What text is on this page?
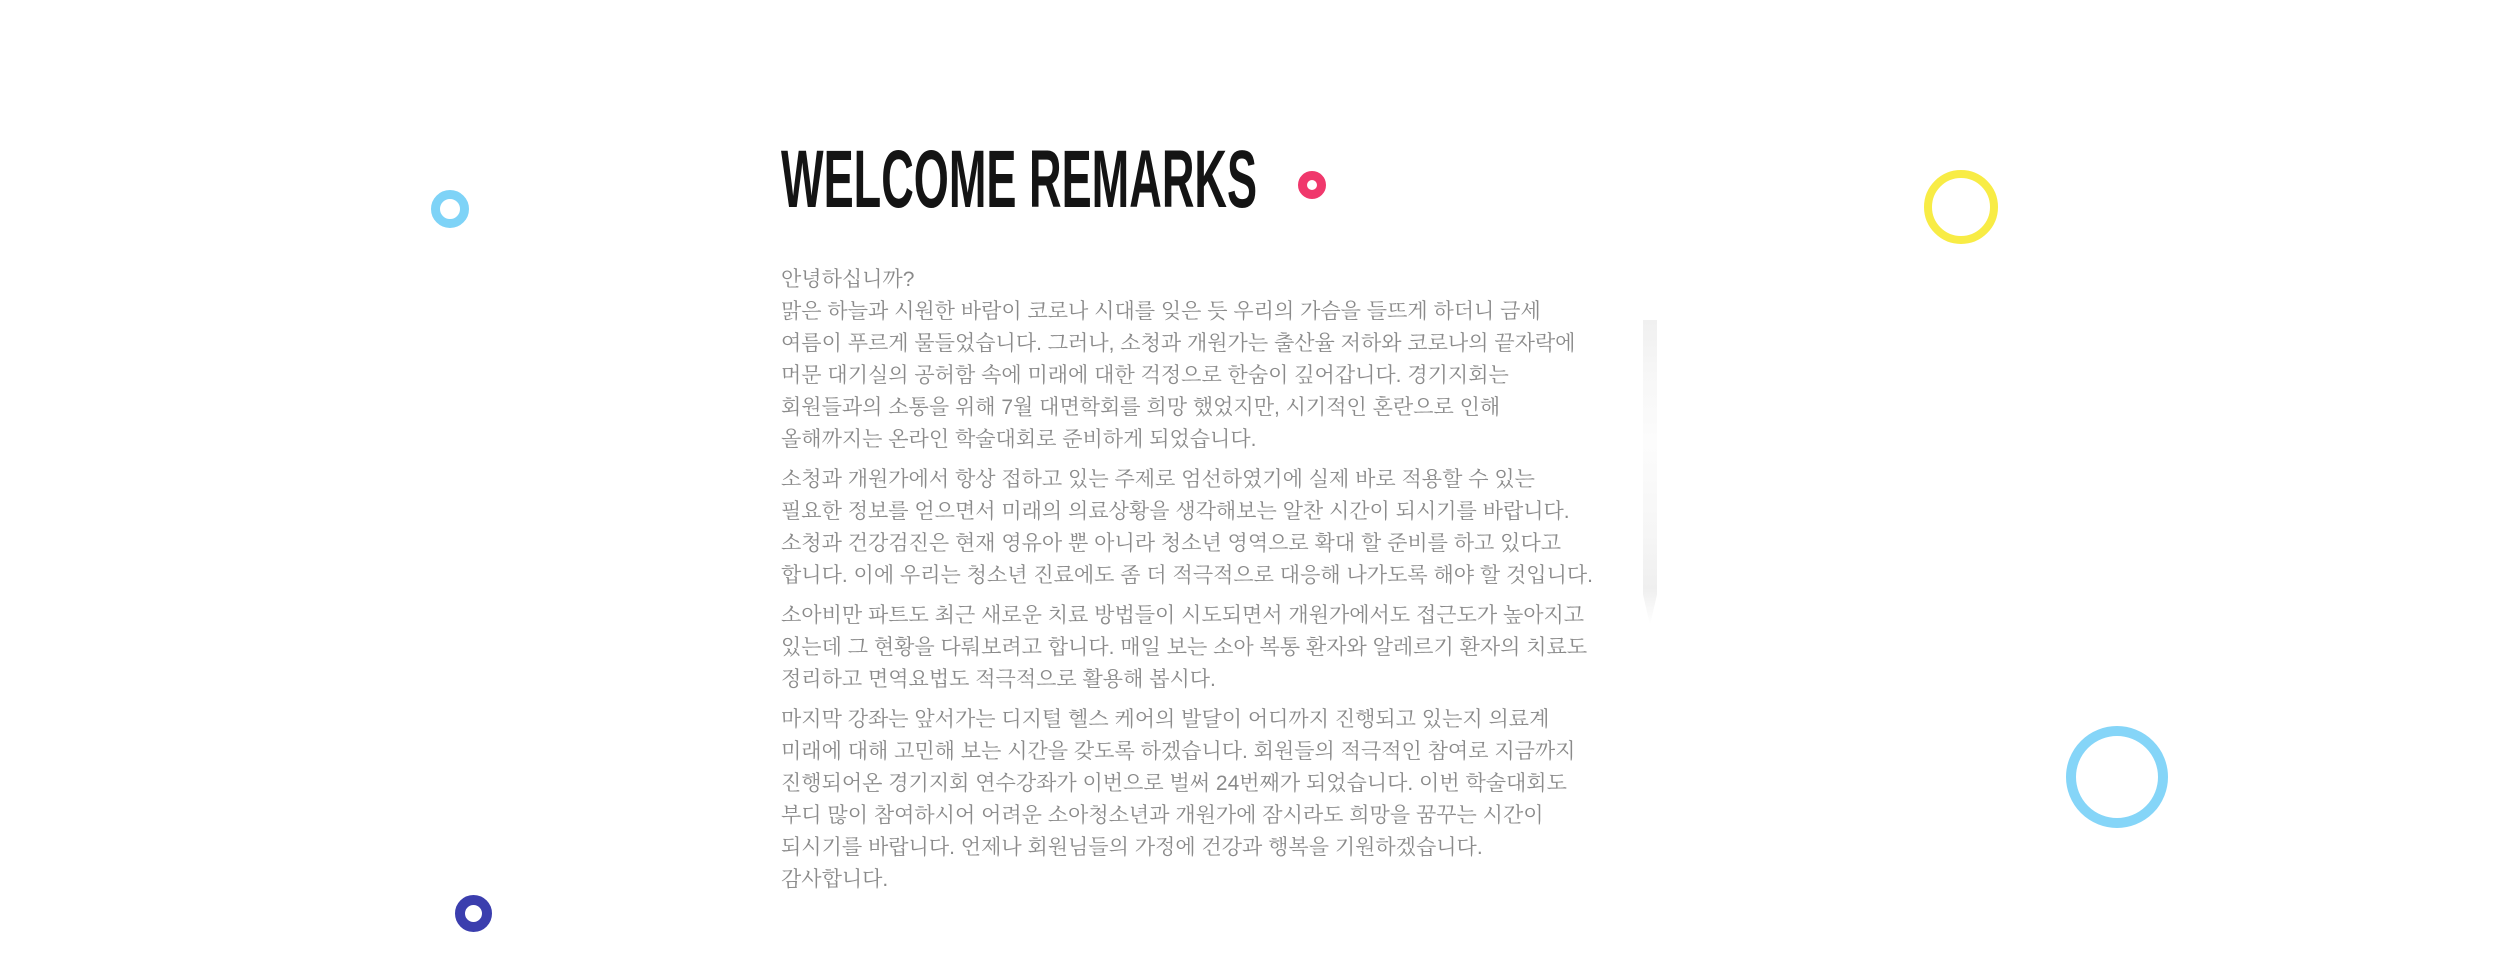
WELCOME REMARKS

안녕하십니까?

맑은 하늘과 시원한 바람이 코로나 시대를 잊은 듯 우리의 가슴을 들뜨게 하더니 금세 여름이 푸르게 물들었습니다. 그러나, 소청과 개원가는 출산율 저하와 코로나의 끝자락에 머문 대기실의 공허함 속에 미래에 대한 걱정으로 한숨이 깊어갑니다. 경기지회는 회원들과의 소통을 위해 7월 대면학회를 희망 했었지만, 시기적인 혼란으로 인해 올해까지는 온라인 학술대회로 준비하게 되었습니다.

소청과 개원가에서 항상 접하고 있는 주제로 엄선하였기에 실제 바로 적용할 수 있는 필요한 정보를 얻으면서 미래의 의료상황을 생각해보는 알찬 시간이 되시기를 바랍니다. 소청과 건강검진은 현재 영유아 뿐 아니라 청소년 영역으로 확대 할 준비를 하고 있다고 합니다. 이에 우리는 청소년 진료에도 좀 더 적극적으로 대응해 나가도록 해야 할 것입니다.

소아비만 파트도 최근 새로운 치료 방법들이 시도되면서 개원가에서도 접근도가 높아지고 있는데 그 현황을 다뤄보려고 합니다. 매일 보는 소아 복통 환자와 알레르기 환자의 치료도 정리하고 면역요법도 적극적으로 활용해 봅시다.

마지막 강좌는 앞서가는 디지털 헬스 케어의 발달이 어디까지 진행되고 있는지 의료계 미래에 대해 고민해 보는 시간을 갖도록 하겠습니다. 회원들의 적극적인 참여로 지금까지 진행되어온 경기지회 연수강좌가 이번으로 벌써 24번째가 되었습니다. 이번 학술대회도 부디 많이 참여하시어 어려운 소아청소년과 개원가에 잠시라도 희망을 꿈꾸는 시간이 되시기를 바랍니다. 언제나 회원님들의 가정에 건강과 행복을 기원하겠습니다.

감사합니다.
